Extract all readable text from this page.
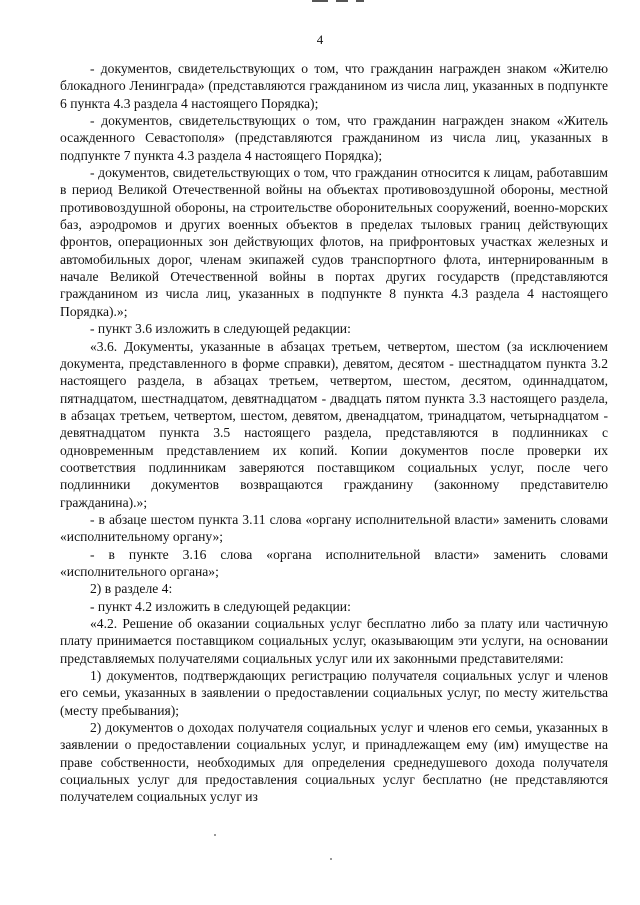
4

- документов, свидетельствующих о том, что гражданин награжден знаком «Жителю блокадного Ленинграда» (представляются гражданином из числа лиц, указанных в подпункте 6 пункта 4.3 раздела 4 настоящего Порядка);

- документов, свидетельствующих о том, что гражданин награжден знаком «Житель осажденного Севастополя» (представляются гражданином из числа лиц, указанных в подпункте 7 пункта 4.3 раздела 4 настоящего Порядка);

- документов, свидетельствующих о том, что гражданин относится к лицам, работавшим в период Великой Отечественной войны на объектах противовоздушной обороны, местной противовоздушной обороны, на строительстве оборонительных сооружений, военно-морских баз, аэродромов и других военных объектов в пределах тыловых границ действующих фронтов, операционных зон действующих флотов, на прифронтовых участках железных и автомобильных дорог, членам экипажей судов транспортного флота, интернированным в начале Великой Отечественной войны в портах других государств (представляются гражданином из числа лиц, указанных в подпункте 8 пункта 4.3 раздела 4 настоящего Порядка).»;

- пункт 3.6 изложить в следующей редакции:

«3.6. Документы, указанные в абзацах третьем, четвертом, шестом (за исключением документа, представленного в форме справки), девятом, десятом - шестнадцатом пункта 3.2 настоящего раздела, в абзацах третьем, четвертом, шестом, десятом, одиннадцатом, пятнадцатом, шестнадцатом, девятнадцатом - двадцать пятом пункта 3.3 настоящего раздела, в абзацах третьем, четвертом, шестом, девятом, двенадцатом, тринадцатом, четырнадцатом - девятнадцатом пункта 3.5 настоящего раздела, представляются в подлинниках с одновременным представлением их копий. Копии документов после проверки их соответствия подлинникам заверяются поставщиком социальных услуг, после чего подлинники документов возвращаются гражданину (законному представителю гражданина).»;

- в абзаце шестом пункта 3.11 слова «органу исполнительной власти» заменить словами «исполнительному органу»;

- в пункте 3.16 слова «органа исполнительной власти» заменить словами «исполнительного органа»;

2) в разделе 4:

- пункт 4.2 изложить в следующей редакции:

«4.2. Решение об оказании социальных услуг бесплатно либо за плату или частичную плату принимается поставщиком социальных услуг, оказывающим эти услуги, на основании представляемых получателями социальных услуг или их законными представителями:

1) документов, подтверждающих регистрацию получателя социальных услуг и членов его семьи, указанных в заявлении о предоставлении социальных услуг, по месту жительства (месту пребывания);

2) документов о доходах получателя социальных услуг и членов его семьи, указанных в заявлении о предоставлении социальных услуг, и принадлежащем ему (им) имуществе на праве собственности, необходимых для определения среднедушевого дохода получателя социальных услуг для предоставления социальных услуг бесплатно (не представляются получателем социальных услуг из
